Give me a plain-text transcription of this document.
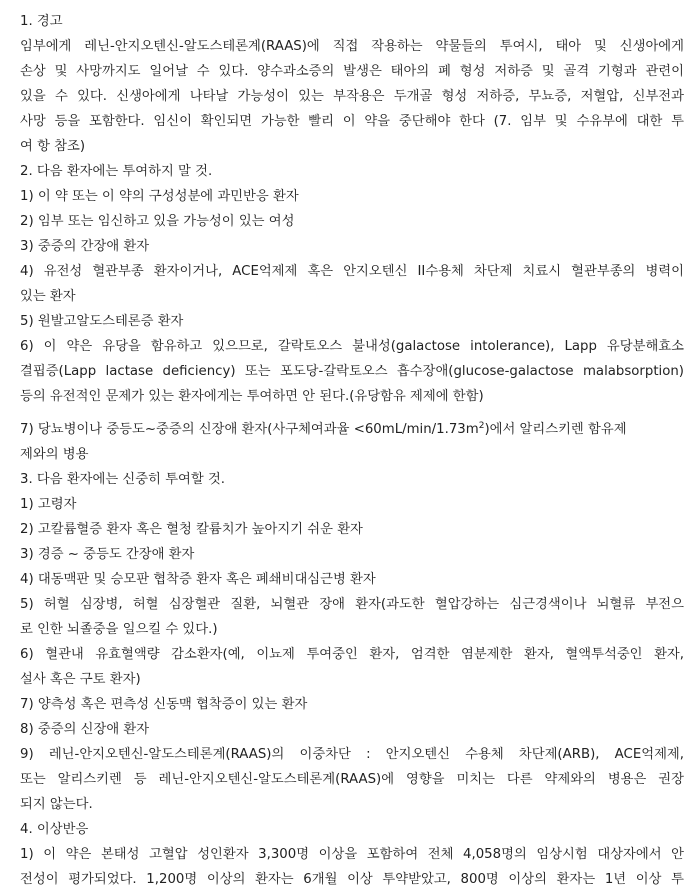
1. 경고
임부에게 레닌-안지오텐신-알도스테론계(RAAS)에 직접 작용하는 약물들의 투여시, 태아 및 신생아에게
손상 및 사망까지도 일어날 수 있다. 양수과소증의 발생은 태아의 폐 형성 저하증 및 골격 기형과 관련이
있을 수 있다. 신생아에게 나타날 가능성이 있는 부작용은 두개골 형성 저하증, 무뇨증, 저혈압, 신부전과
사망 등을 포함한다. 임신이 확인되면 가능한 빨리 이 약을 중단해야 한다 (7. 임부 및 수유부에 대한 투
여 항 참조)
2. 다음 환자에는 투여하지 말 것.
1) 이 약 또는 이 약의 구성성분에 과민반응 환자
2) 임부 또는 임신하고 있을 가능성이 있는 여성
3) 중증의 간장애 환자
4) 유전성 혈관부종 환자이거나, ACE억제제 혹은 안지오텐신 II수용체 차단제 치료시 혈관부종의 병력이
있는 환자
5) 원발고알도스테론증 환자
6) 이 약은 유당을 함유하고 있으므로, 갈락토오스 불내성(galactose intolerance), Lapp 유당분해효소
결핍증(Lapp lactase deficiency) 또는 포도당-갈락토오스 흡수장애(glucose-galactose malabsorption)
등의 유전적인 문제가 있는 환자에게는 투여하면 안 된다.(유당함유 제제에 한함)
7) 당뇨병이나 중등도~중증의 신장애 환자(사구체여과율 $<60mL/\min/1.73m^2$)에서 알리스키렌 함유제
제와의 병용
3. 다음 환자에는 신중히 투여할 것.
1) 고령자
2) 고칼륨혈증 환자 혹은 혈청 칼륨치가 높아지기 쉬운 환자
3) 경증 ~ 중등도 간장애 환자
4) 대동맥판 및 승모판 협착증 환자 혹은 폐쇄비대심근병 환자
5) 허혈 심장병, 허혈 심장혈관 질환, 뇌혈관 장애 환자(과도한 혈압강하는 심근경색이나 뇌혈류 부전으
로 인한 뇌졸중을 일으킬 수 있다.)
6) 혈관내 유효혈액량 감소환자(예, 이뇨제 투여중인 환자, 엄격한 염분제한 환자, 혈액투석중인 환자,
설사 혹은 구토 환자)
7) 양측성 혹은 편측성 신동맥 협착증이 있는 환자
8) 중증의 신장애 환자
9) 레닌-안지오텐신-알도스테론계(RAAS)의 이중차단 : 안지오텐신 수용체 차단제(ARB), ACE억제제,
또는 알리스키렌 등 레닌-안지오텐신-알도스테론계(RAAS)에 영향을 미치는 다른 약제와의 병용은 권장
되지 않는다.
4. 이상반응
1) 이 약은 본태성 고혈압 성인환자 3,300명 이상을 포함하여 전체 4,058명의 임상시험 대상자에서 안
전성이 평가되었다. 1,200명 이상의 환자는 6개월 이상 투약받았고, 800명 이상의 환자는 1년 이상 투
